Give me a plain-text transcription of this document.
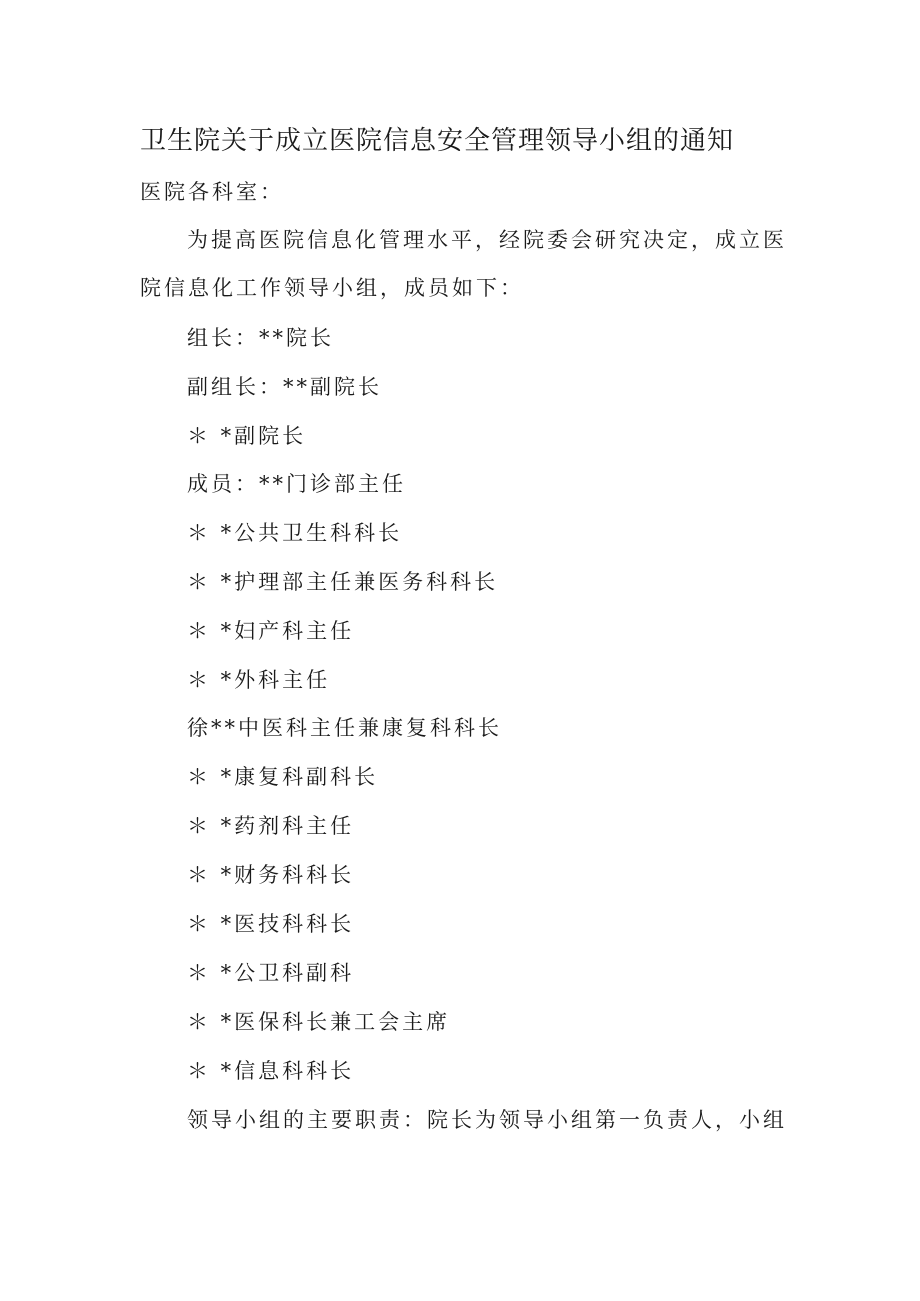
卫生院关于成立医院信息安全管理领导小组的通知
医院各科室：
为提高医院信息化管理水平，经院委会研究决定，成立医
院信息化工作领导小组，成员如下：
组长：**院长
副组长：**副院长
＊ *副院长
成员：**门诊部主任
＊ *公共卫生科科长
＊ *护理部主任兼医务科科长
＊ *妇产科主任
＊ *外科主任
徐**中医科主任兼康复科科长
＊ *康复科副科长
＊ *药剂科主任
＊ *财务科科长
＊ *医技科科长
＊ *公卫科副科
＊ *医保科长兼工会主席
＊ *信息科科长
领导小组的主要职责：院长为领导小组第一负责人，小组
